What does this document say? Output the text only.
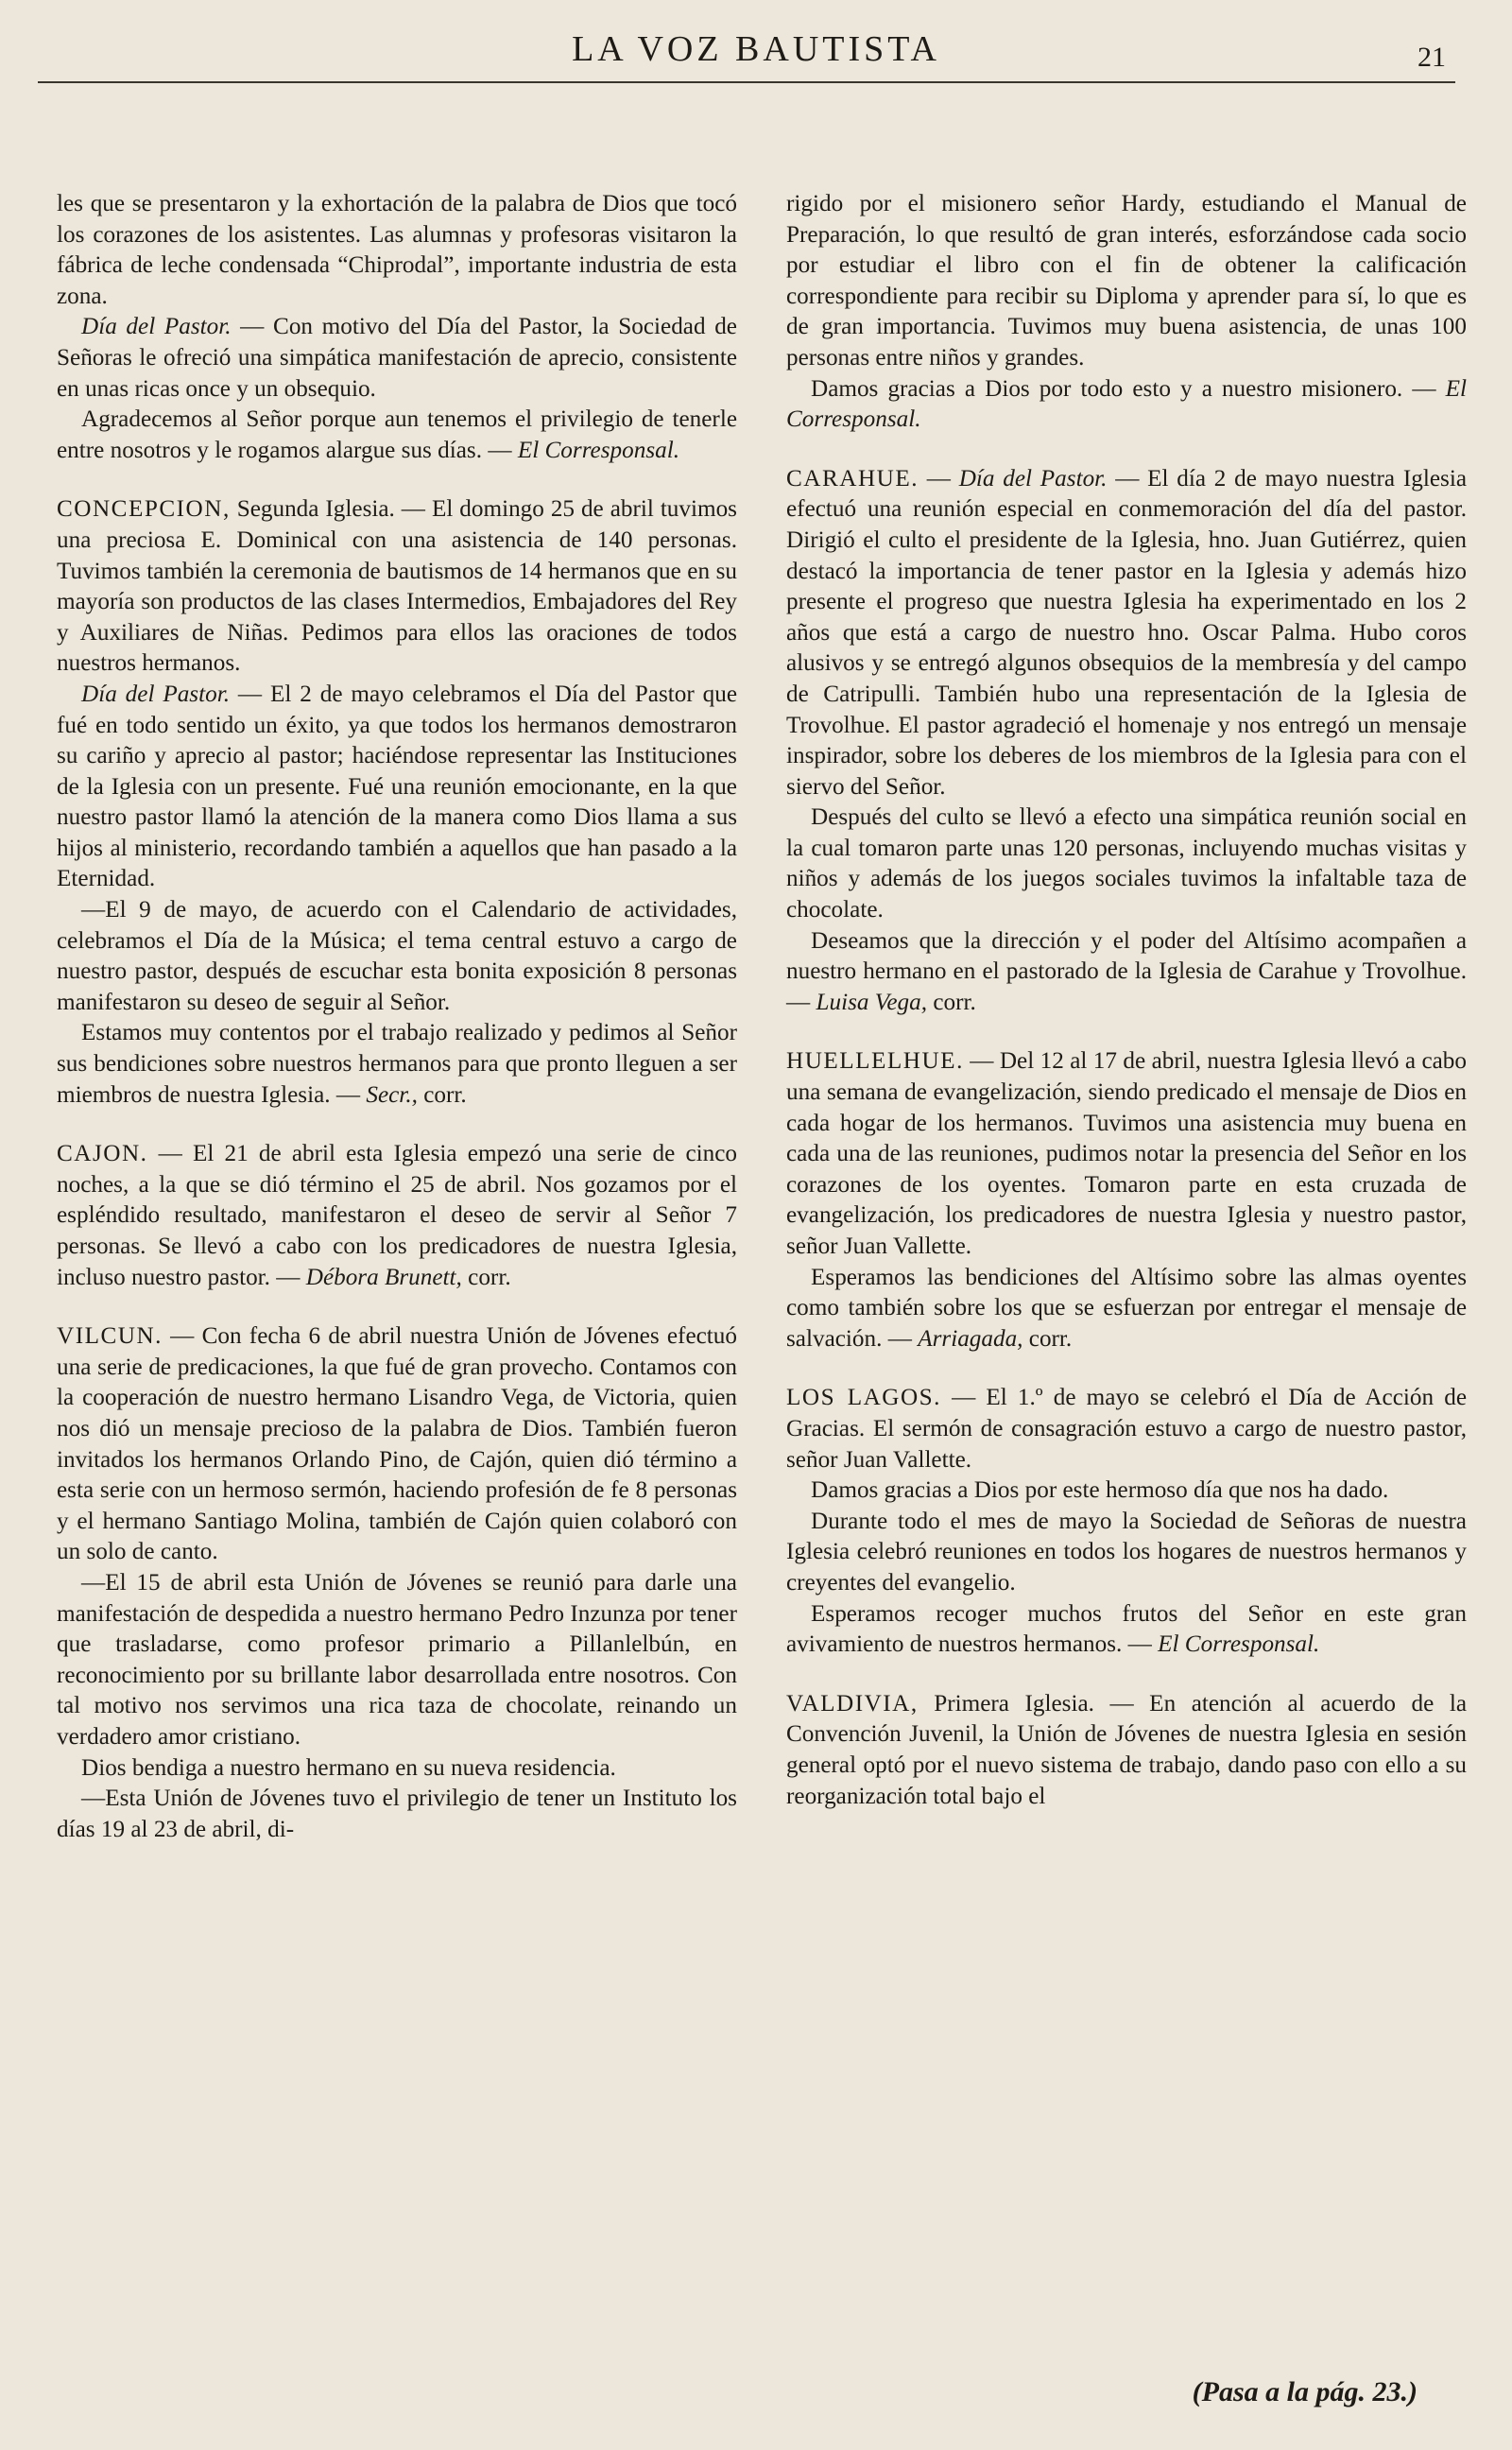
LA VOZ BAUTISTA	21

les que se presentaron y la exhortación de la palabra de Dios que tocó los corazones de los asistentes. Las alumnas y profesoras visitaron la fábrica de leche condensada “Chiprodal”, importante industria de esta zona.

Día del Pastor. — Con motivo del Día del Pastor, la Sociedad de Señoras le ofreció una simpática manifestación de aprecio, consistente en unas ricas once y un obsequio.

Agradecemos al Señor porque aun tenemos el privilegio de tenerle entre nosotros y le rogamos alargue sus días. — El Corresponsal.

CONCEPCION, Segunda Iglesia. — El domingo 25 de abril tuvimos una preciosa E. Dominical con una asistencia de 140 personas. Tuvimos también la ceremonia de bautismos de 14 hermanos que en su mayoría son productos de las clases Intermedios, Embajadores del Rey y Auxiliares de Niñas. Pedimos para ellos las oraciones de todos nuestros hermanos.

Día del Pastor. — El 2 de mayo celebramos el Día del Pastor que fué en todo sentido un éxito, ya que todos los hermanos demostraron su cariño y aprecio al pastor; haciéndose representar las Instituciones de la Iglesia con un presente. Fué una reunión emocionante, en la que nuestro pastor llamó la atención de la manera como Dios llama a sus hijos al ministerio, recordando también a aquellos que han pasado a la Eternidad.

—El 9 de mayo, de acuerdo con el Calendario de actividades, celebramos el Día de la Música; el tema central estuvo a cargo de nuestro pastor, después de escuchar esta bonita exposición 8 personas manifestaron su deseo de seguir al Señor.

Estamos muy contentos por el trabajo realizado y pedimos al Señor sus bendiciones sobre nuestros hermanos para que pronto lleguen a ser miembros de nuestra Iglesia. — Secr., corr.

CAJON. — El 21 de abril esta Iglesia empezó una serie de cinco noches, a la que se dió término el 25 de abril. Nos gozamos por el espléndido resultado, manifestaron el deseo de servir al Señor 7 personas. Se llevó a cabo con los predicadores de nuestra Iglesia, incluso nuestro pastor. — Débora Brunett, corr.

VILCUN. — Con fecha 6 de abril nuestra Unión de Jóvenes efectuó una serie de predicaciones, la que fué de gran provecho. Contamos con la cooperación de nuestro hermano Lisandro Vega, de Victoria, quien nos dió un mensaje precioso de la palabra de Dios. También fueron invitados los hermanos Orlando Pino, de Cajón, quien dió término a esta serie con un hermoso sermón, haciendo profesión de fe 8 personas y el hermano Santiago Molina, también de Cajón quien colaboró con un solo de canto.

—El 15 de abril esta Unión de Jóvenes se reunió para darle una manifestación de despedida a nuestro hermano Pedro Inzunza por tener que trasladarse, como profesor primario a Pillanlelbún, en reconocimiento por su brillante labor desarrollada entre nosotros. Con tal motivo nos servimos una rica taza de chocolate, reinando un verdadero amor cristiano.

Dios bendiga a nuestro hermano en su nueva residencia.

—Esta Unión de Jóvenes tuvo el privilegio de tener un Instituto los días 19 al 23 de abril, di-

rigido por el misionero señor Hardy, estudiando el Manual de Preparación, lo que resultó de gran interés, esforzándose cada socio por estudiar el libro con el fin de obtener la calificación correspondiente para recibir su Diploma y aprender para sí, lo que es de gran importancia. Tuvimos muy buena asistencia, de unas 100 personas entre niños y grandes.

Damos gracias a Dios por todo esto y a nuestro misionero. — El Corresponsal.

CARAHUE. — Día del Pastor. — El día 2 de mayo nuestra Iglesia efectuó una reunión especial en conmemoración del día del pastor. Dirigió el culto el presidente de la Iglesia, hno. Juan Gutiérrez, quien destacó la importancia de tener pastor en la Iglesia y además hizo presente el progreso que nuestra Iglesia ha experimentado en los 2 años que está a cargo de nuestro hno. Oscar Palma. Hubo coros alusivos y se entregó algunos obsequios de la membresía y del campo de Catripulli. También hubo una representación de la Iglesia de Trovolhue. El pastor agradeció el homenaje y nos entregó un mensaje inspirador, sobre los deberes de los miembros de la Iglesia para con el siervo del Señor.

Después del culto se llevó a efecto una simpática reunión social en la cual tomaron parte unas 120 personas, incluyendo muchas visitas y niños y además de los juegos sociales tuvimos la infaltable taza de chocolate.

Deseamos que la dirección y el poder del Altísimo acompañen a nuestro hermano en el pastorado de la Iglesia de Carahue y Trovolhue. — Luisa Vega, corr.

HUELLELHUE. — Del 12 al 17 de abril, nuestra Iglesia llevó a cabo una semana de evangelización, siendo predicado el mensaje de Dios en cada hogar de los hermanos. Tuvimos una asistencia muy buena en cada una de las reuniones, pudimos notar la presencia del Señor en los corazones de los oyentes. Tomaron parte en esta cruzada de evangelización, los predicadores de nuestra Iglesia y nuestro pastor, señor Juan Vallette.

Esperamos las bendiciones del Altísimo sobre las almas oyentes como también sobre los que se esfuerzan por entregar el mensaje de salvación. — Arriagada, corr.

LOS LAGOS. — El 1.º de mayo se celebró el Día de Acción de Gracias. El sermón de consagración estuvo a cargo de nuestro pastor, señor Juan Vallette.

Damos gracias a Dios por este hermoso día que nos ha dado.

Durante todo el mes de mayo la Sociedad de Señoras de nuestra Iglesia celebró reuniones en todos los hogares de nuestros hermanos y creyentes del evangelio.

Esperamos recoger muchos frutos del Señor en este gran avivamiento de nuestros hermanos. — El Corresponsal.

VALDIVIA, Primera Iglesia. — En atención al acuerdo de la Convención Juvenil, la Unión de Jóvenes de nuestra Iglesia en sesión general optó por el nuevo sistema de trabajo, dando paso con ello a su reorganización total bajo el

(Pasa a la pág. 23.)
